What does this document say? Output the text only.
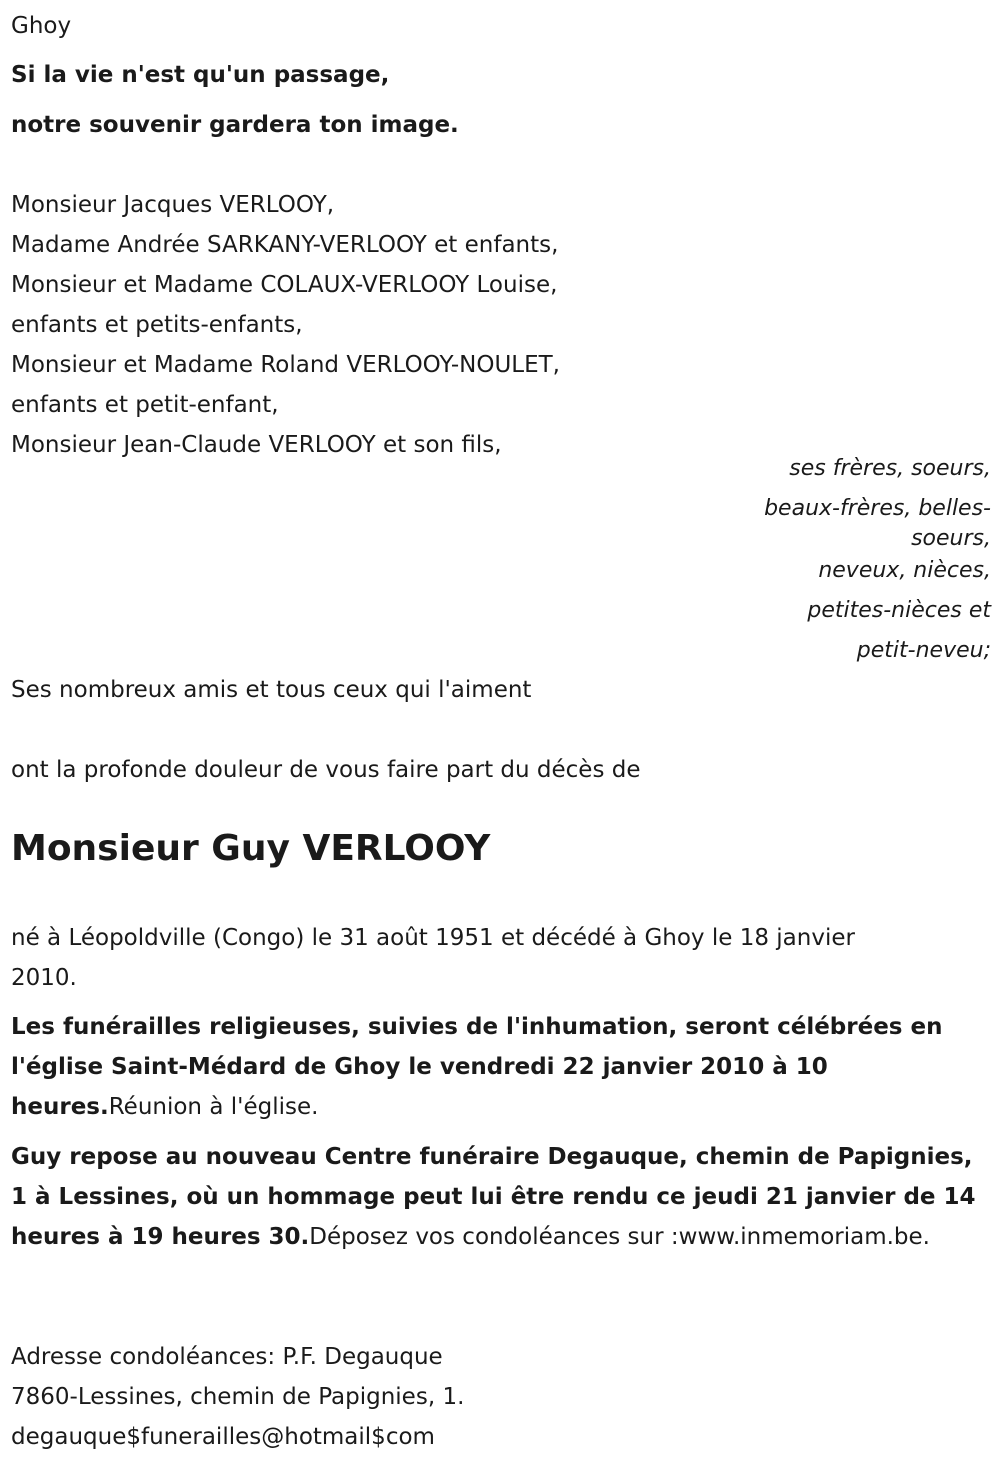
Ghoy

Si la vie n'est qu'un passage,

notre souvenir gardera ton image.

Monsieur Jacques VERLOOY,

Madame Andrée SARKANY-VERLOOY et enfants,

Monsieur et Madame COLAUX-VERLOOY Louise,

enfants et petits-enfants,

Monsieur et Madame Roland VERLOOY-NOULET,

enfants et petit-enfant,

Monsieur Jean-Claude VERLOOY et son fils,

ses frères, soeurs,
beaux-frères, belles-
soeurs,
neveux, nièces,
petites-nièces et
petit-neveu;

Ses nombreux amis et tous ceux qui l'aiment

ont la profonde douleur de vous faire part du décès de

Monsieur Guy VERLOOY

né à Léopoldville (Congo) le 31 août 1951 et décédé à Ghoy le 18 janvier

2010.

Les funérailles religieuses, suivies de l'inhumation, seront célébrées en l'église Saint-Médard de Ghoy le vendredi 22 janvier 2010 à 10 heures.Réunion à l'église.

Guy repose au nouveau Centre funéraire Degauque, chemin de Papignies, 1 à Lessines, où un hommage peut lui être rendu ce jeudi 21 janvier de 14 heures à 19 heures 30.Déposez vos condoléances sur :www.inmemoriam.be.

Adresse condoléances: P.F. Degauque

7860-Lessines, chemin de Papignies, 1.

degauque$funerailles@hotmail$com
